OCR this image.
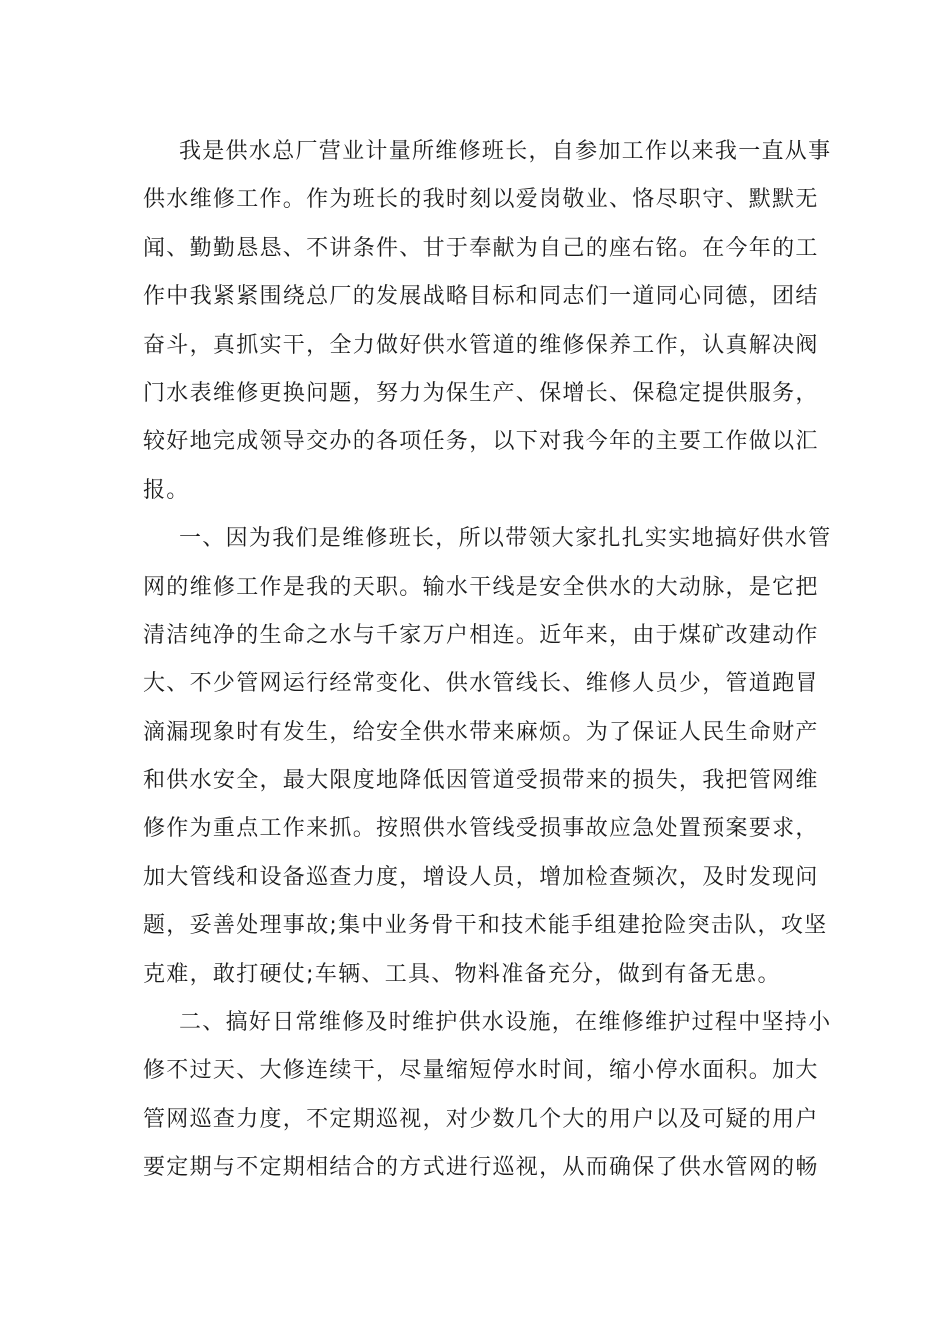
我是供水总厂营业计量所维修班长，自参加工作以来我一直从事
供水维修工作。作为班长的我时刻以爱岗敬业、恪尽职守、默默无
闻、勤勤恳恳、不讲条件、甘于奉献为自己的座右铭。在今年的工
作中我紧紧围绕总厂的发展战略目标和同志们一道同心同德，团结
奋斗，真抓实干，全力做好供水管道的维修保养工作，认真解决阀
门水表维修更换问题，努力为保生产、保增长、保稳定提供服务，
较好地完成领导交办的各项任务，以下对我今年的主要工作做以汇
报。
一、因为我们是维修班长，所以带领大家扎扎实实地搞好供水管
网的维修工作是我的天职。输水干线是安全供水的大动脉，是它把
清洁纯净的生命之水与千家万户相连。近年来，由于煤矿改建动作
大、不少管网运行经常变化、供水管线长、维修人员少，管道跑冒
滴漏现象时有发生，给安全供水带来麻烦。为了保证人民生命财产
和供水安全，最大限度地降低因管道受损带来的损失，我把管网维
修作为重点工作来抓。按照供水管线受损事故应急处置预案要求，
加大管线和设备巡查力度，增设人员，增加检查频次，及时发现问
题，妥善处理事故;集中业务骨干和技术能手组建抢险突击队，攻坚
克难，敢打硬仗;车辆、工具、物料准备充分，做到有备无患。
二、搞好日常维修及时维护供水设施，在维修维护过程中坚持小
修不过天、大修连续干，尽量缩短停水时间，缩小停水面积。加大
管网巡查力度，不定期巡视，对少数几个大的用户以及可疑的用户
要定期与不定期相结合的方式进行巡视，从而确保了供水管网的畅
